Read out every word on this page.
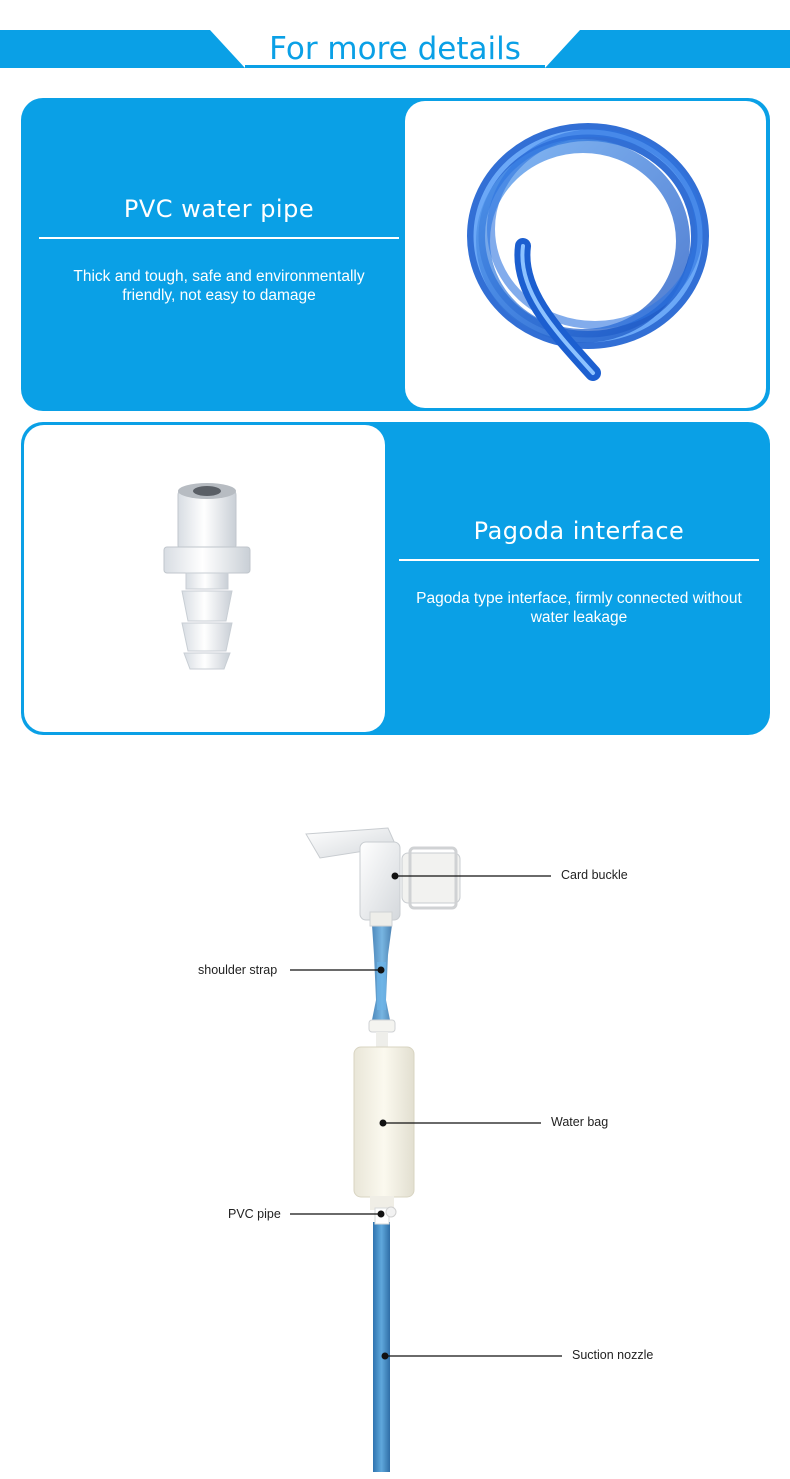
For more details
PVC water pipe
Thick and tough, safe and environmentally friendly, not easy to damage
Pagoda interface
Pagoda type interface, firmly connected without water leakage
Card buckle
shoulder strap
Water bag
PVC pipe
Suction nozzle
